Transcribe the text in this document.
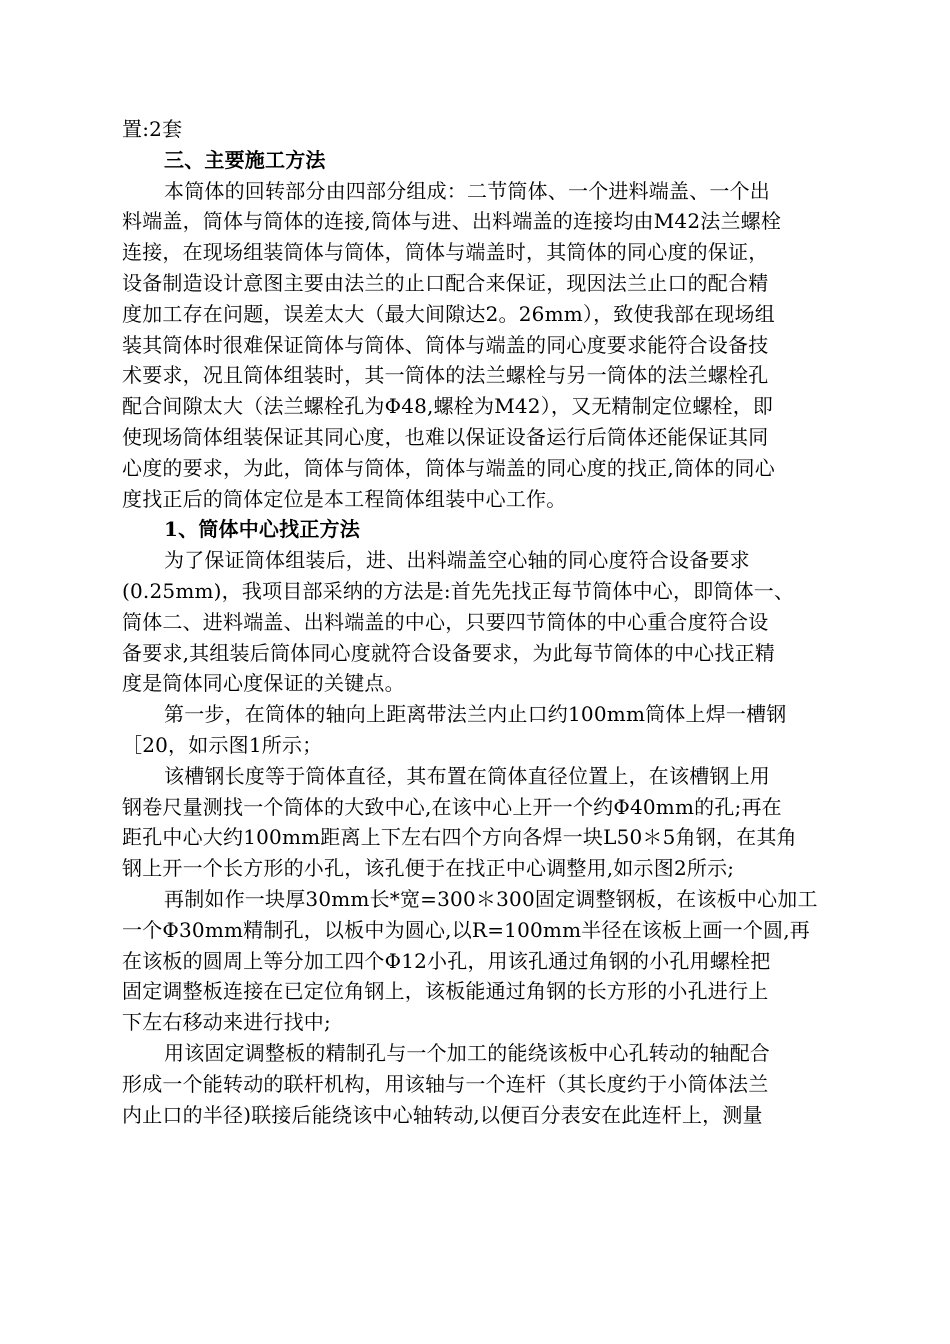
置:2套
三、主要施工方法
本筒体的回转部分由四部分组成：二节筒体、一个进料端盖、一个出
料端盖，筒体与筒体的连接,筒体与进、出料端盖的连接均由M42法兰螺栓
连接，在现场组装筒体与筒体，筒体与端盖时，其筒体的同心度的保证，
设备制造设计意图主要由法兰的止口配合来保证，现因法兰止口的配合精
度加工存在问题，误差太大（最大间隙达2。26mm），致使我部在现场组
装其筒体时很难保证筒体与筒体、筒体与端盖的同心度要求能符合设备技
术要求，况且筒体组装时，其一筒体的法兰螺栓与另一筒体的法兰螺栓孔
配合间隙太大（法兰螺栓孔为Φ48,螺栓为M42），又无精制定位螺栓，即
使现场筒体组装保证其同心度，也难以保证设备运行后筒体还能保证其同
心度的要求，为此，筒体与筒体，筒体与端盖的同心度的找正,筒体的同心
度找正后的筒体定位是本工程筒体组装中心工作。
1、筒体中心找正方法
为了保证筒体组装后，进、出料端盖空心轴的同心度符合设备要求
(0.25mm)，我项目部采纳的方法是:首先先找正每节筒体中心，即筒体一、
筒体二、进料端盖、出料端盖的中心，只要四节筒体的中心重合度符合设
备要求,其组装后筒体同心度就符合设备要求，为此每节筒体的中心找正精
度是筒体同心度保证的关键点。
第一步，在筒体的轴向上距离带法兰内止口约100mm筒体上焊一槽钢
［20，如示图1所示；
该槽钢长度等于筒体直径，其布置在筒体直径位置上，在该槽钢上用
钢卷尺量测找一个筒体的大致中心,在该中心上开一个约Φ40mm的孔;再在
距孔中心大约100mm距离上下左右四个方向各焊一块L50＊5角钢，在其角
钢上开一个长方形的小孔，该孔便于在找正中心调整用,如示图2所示;
再制如作一块厚30mm长*宽=300＊300固定调整钢板，在该板中心加工
一个Φ30mm精制孔，以板中为圆心,以R=100mm半径在该板上画一个圆,再
在该板的圆周上等分加工四个Φ12小孔，用该孔通过角钢的小孔用螺栓把
固定调整板连接在已定位角钢上，该板能通过角钢的长方形的小孔进行上
下左右移动来进行找中;
用该固定调整板的精制孔与一个加工的能绕该板中心孔转动的轴配合
形成一个能转动的联杆机构，用该轴与一个连杆（其长度约于小筒体法兰
内止口的半径)联接后能绕该中心轴转动,以便百分表安在此连杆上，测量
